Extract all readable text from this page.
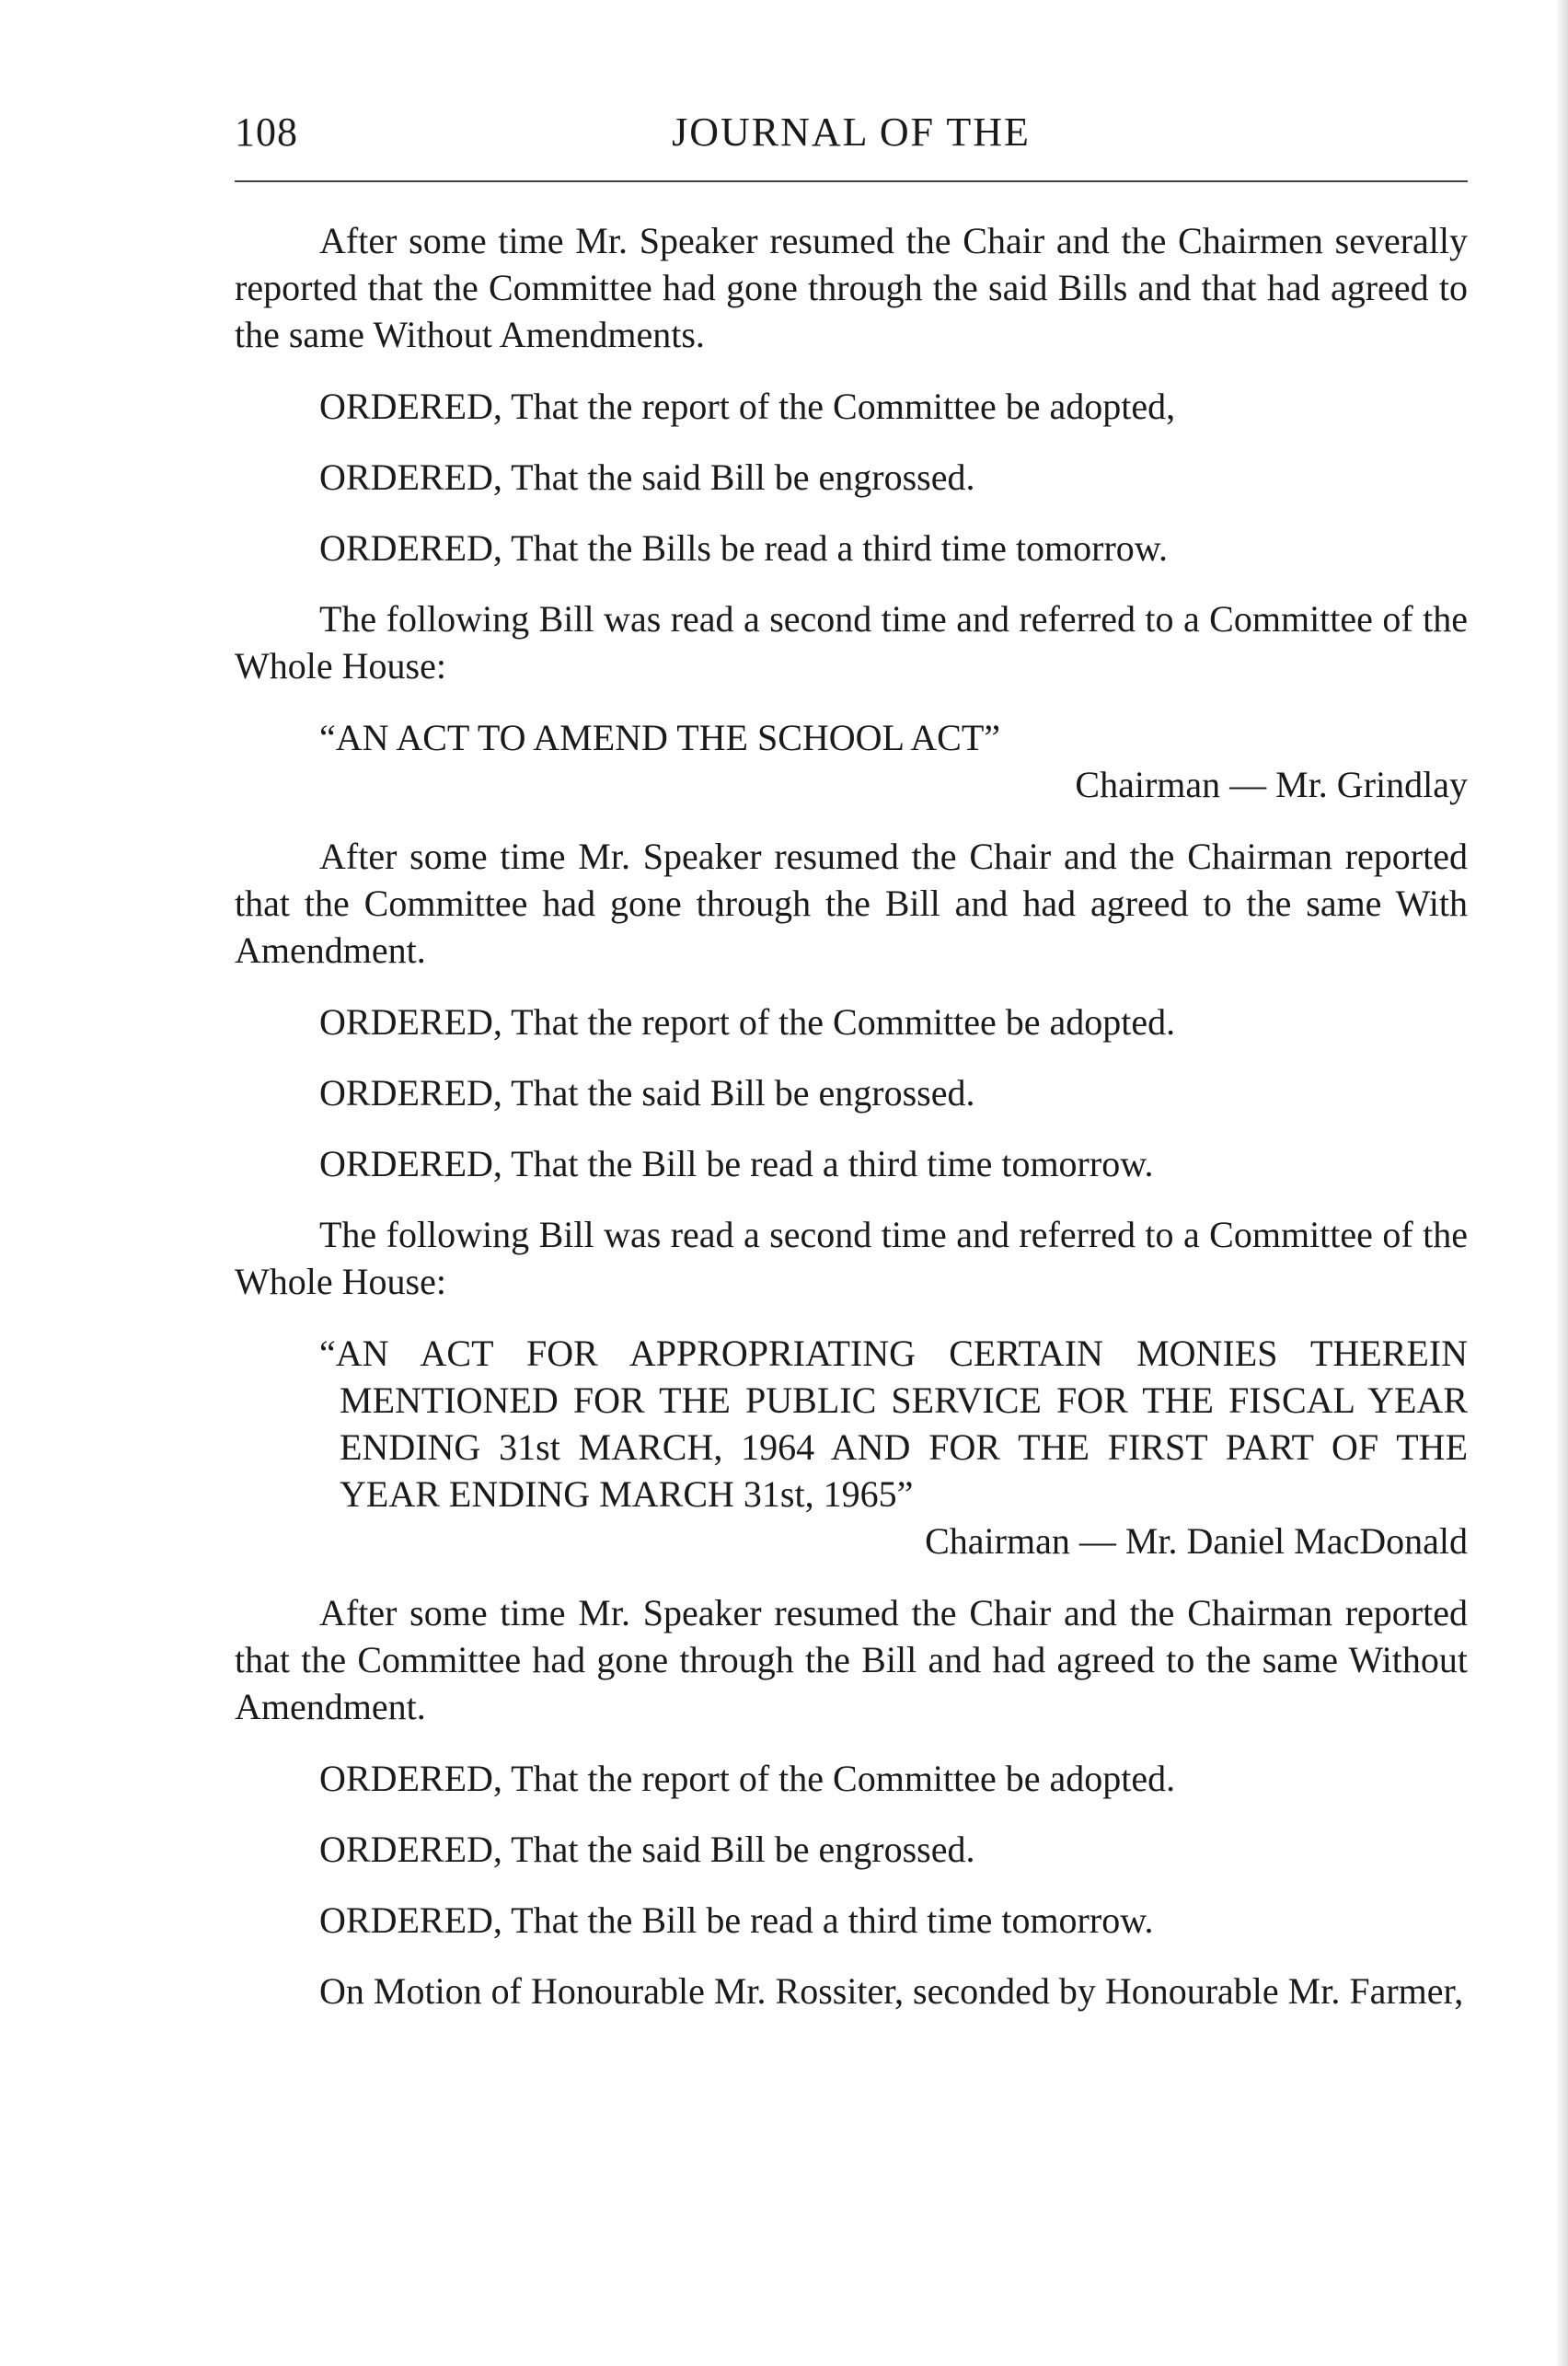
108	JOURNAL OF THE

After some time Mr. Speaker resumed the Chair and the Chairmen severally reported that the Committee had gone through the said Bills and that had agreed to the same Without Amendments.

ORDERED, That the report of the Committee be adopted,

ORDERED, That the said Bill be engrossed.

ORDERED, That the Bills be read a third time tomorrow.

The following Bill was read a second time and referred to a Committee of the Whole House:

“AN ACT TO AMEND THE SCHOOL ACT”
Chairman — Mr. Grindlay

After some time Mr. Speaker resumed the Chair and the Chairman reported that the Committee had gone through the Bill and had agreed to the same With Amendment.

ORDERED, That the report of the Committee be adopted.

ORDERED, That the said Bill be engrossed.

ORDERED, That the Bill be read a third time tomorrow.

The following Bill was read a second time and referred to a Committee of the Whole House:

“AN ACT FOR APPROPRIATING CERTAIN MONIES THEREIN MENTIONED FOR THE PUBLIC SERVICE FOR THE FISCAL YEAR ENDING 31st MARCH, 1964 AND FOR THE FIRST PART OF THE YEAR ENDING MARCH 31st, 1965”
Chairman — Mr. Daniel MacDonald

After some time Mr. Speaker resumed the Chair and the Chairman reported that the Committee had gone through the Bill and had agreed to the same Without Amendment.

ORDERED, That the report of the Committee be adopted.

ORDERED, That the said Bill be engrossed.

ORDERED, That the Bill be read a third time tomorrow.

On Motion of Honourable Mr. Rossiter, seconded by Honourable Mr. Farmer,
